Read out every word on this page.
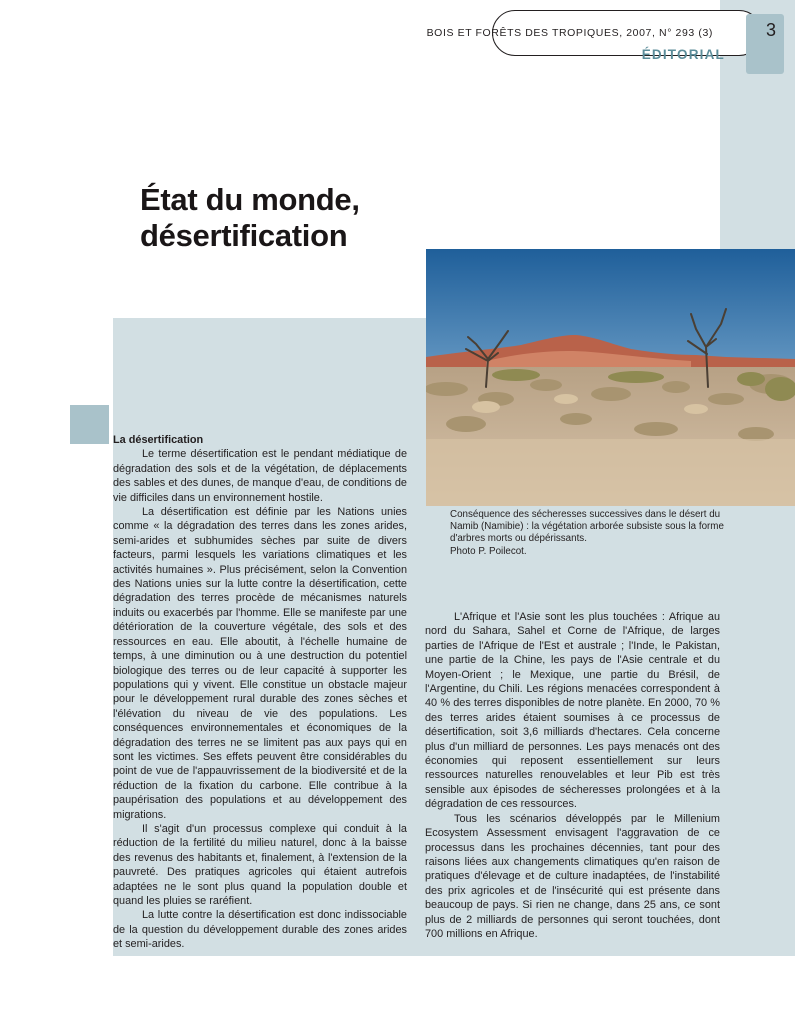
BOIS ET FORÊTS DES TROPIQUES, 2007, N° 293 (3)
ÉDITORIAL
3
État du monde,
désertification
Conséquence des sécheresses successives dans le désert du Namib (Namibie) : la végétation arborée subsiste sous la forme d'arbres morts ou dépérissants.
Photo P. Poilecot.
La désertification

Le terme désertification est le pendant médiatique de dégradation des sols et de la végétation, de déplacements des sables et des dunes, de manque d'eau, de conditions de vie difficiles dans un environnement hostile.

La désertification est définie par les Nations unies comme « la dégradation des terres dans les zones arides, semi-arides et subhumides sèches par suite de divers facteurs, parmi lesquels les variations climatiques et les activités humaines ». Plus précisément, selon la Convention des Nations unies sur la lutte contre la désertification, cette dégradation des terres procède de mécanismes naturels induits ou exacerbés par l'homme. Elle se manifeste par une détérioration de la couverture végétale, des sols et des ressources en eau. Elle aboutit, à l'échelle humaine de temps, à une diminution ou à une destruction du potentiel biologique des terres ou de leur capacité à supporter les populations qui y vivent. Elle constitue un obstacle majeur pour le développement rural durable des zones sèches et l'élévation du niveau de vie des populations. Les conséquences environnementales et économiques de la dégradation des terres ne se limitent pas aux pays qui en sont les victimes. Ses effets peuvent être considérables du point de vue de l'appauvrissement de la biodiversité et de la réduction de la fixation du carbone. Elle contribue à la paupérisation des populations et au développement des migrations.

Il s'agit d'un processus complexe qui conduit à la réduction de la fertilité du milieu naturel, donc à la baisse des revenus des habitants et, finalement, à l'extension de la pauvreté. Des pratiques agricoles qui étaient autrefois adaptées ne le sont plus quand la population double et quand les pluies se raréfient.

La lutte contre la désertification est donc indissociable de la question du développement durable des zones arides et semi-arides.

L'Afrique et l'Asie sont les plus touchées : Afrique au nord du Sahara, Sahel et Corne de l'Afrique, de larges parties de l'Afrique de l'Est et australe ; l'Inde, le Pakistan, une partie de la Chine, les pays de l'Asie centrale et du Moyen-Orient ; le Mexique, une partie du Brésil, de l'Argentine, du Chili. Les régions menacées correspondent à 40 % des terres disponibles de notre planète. En 2000, 70 % des terres arides étaient soumises à ce processus de désertification, soit 3,6 milliards d'hectares. Cela concerne plus d'un milliard de personnes. Les pays menacés ont des économies qui reposent essentiellement sur leurs ressources naturelles renouvelables et leur Pib est très sensible aux épisodes de sécheresses prolongées et à la dégradation de ces ressources.

Tous les scénarios développés par le Millenium Ecosystem Assessment envisagent l'aggravation de ce processus dans les prochaines décennies, tant pour des raisons liées aux changements climatiques qu'en raison de pratiques d'élevage et de culture inadaptées, de l'instabilité des prix agricoles et de l'insécurité qui est présente dans beaucoup de pays. Si rien ne change, dans 25 ans, ce sont plus de 2 milliards de personnes qui seront touchées, dont 700 millions en Afrique.
